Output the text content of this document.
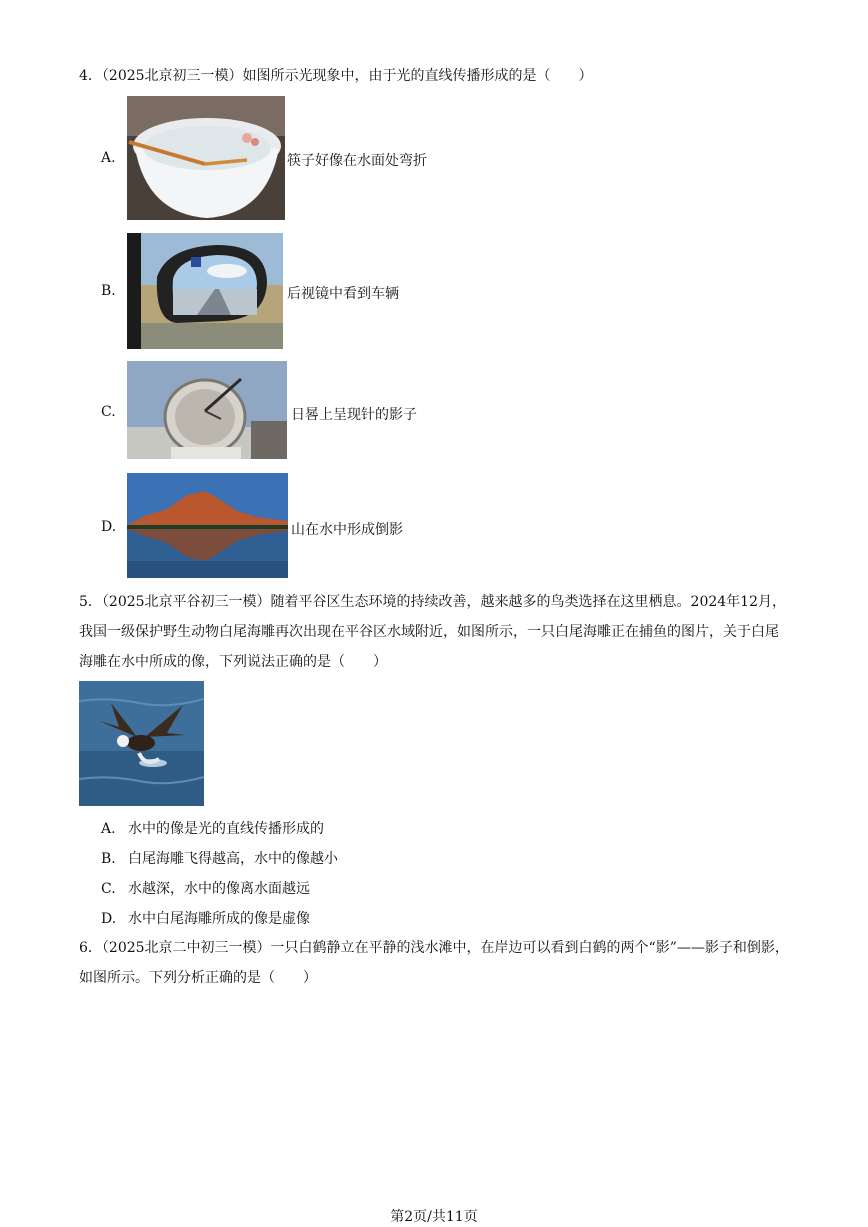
4．（2025北京初三一模）如图所示光现象中，由于光的直线传播形成的是（　　）
A.	筷子好像在水面处弯折
B.	后视镜中看到车辆
C.	日晷上呈现针的影子
D.	山在水中形成倒影
5．（2025北京平谷初三一模）随着平谷区生态环境的持续改善，越来越多的鸟类选择在这里栖息。2024年12月，我国一级保护野生动物白尾海雕再次出现在平谷区水域附近，如图所示，一只白尾海雕正在捕鱼的图片，关于白尾海雕在水中所成的像，下列说法正确的是（　　）
A. 水中的像是光的直线传播形成的
B. 白尾海雕飞得越高，水中的像越小
C. 水越深，水中的像离水面越远
D. 水中白尾海雕所成的像是虚像
6．（2025北京二中初三一模）一只白鹤静立在平静的浅水滩中，在岸边可以看到白鹤的两个“影”——影子和倒影，如图所示。下列分析正确的是（　　）
第2页/共11页
